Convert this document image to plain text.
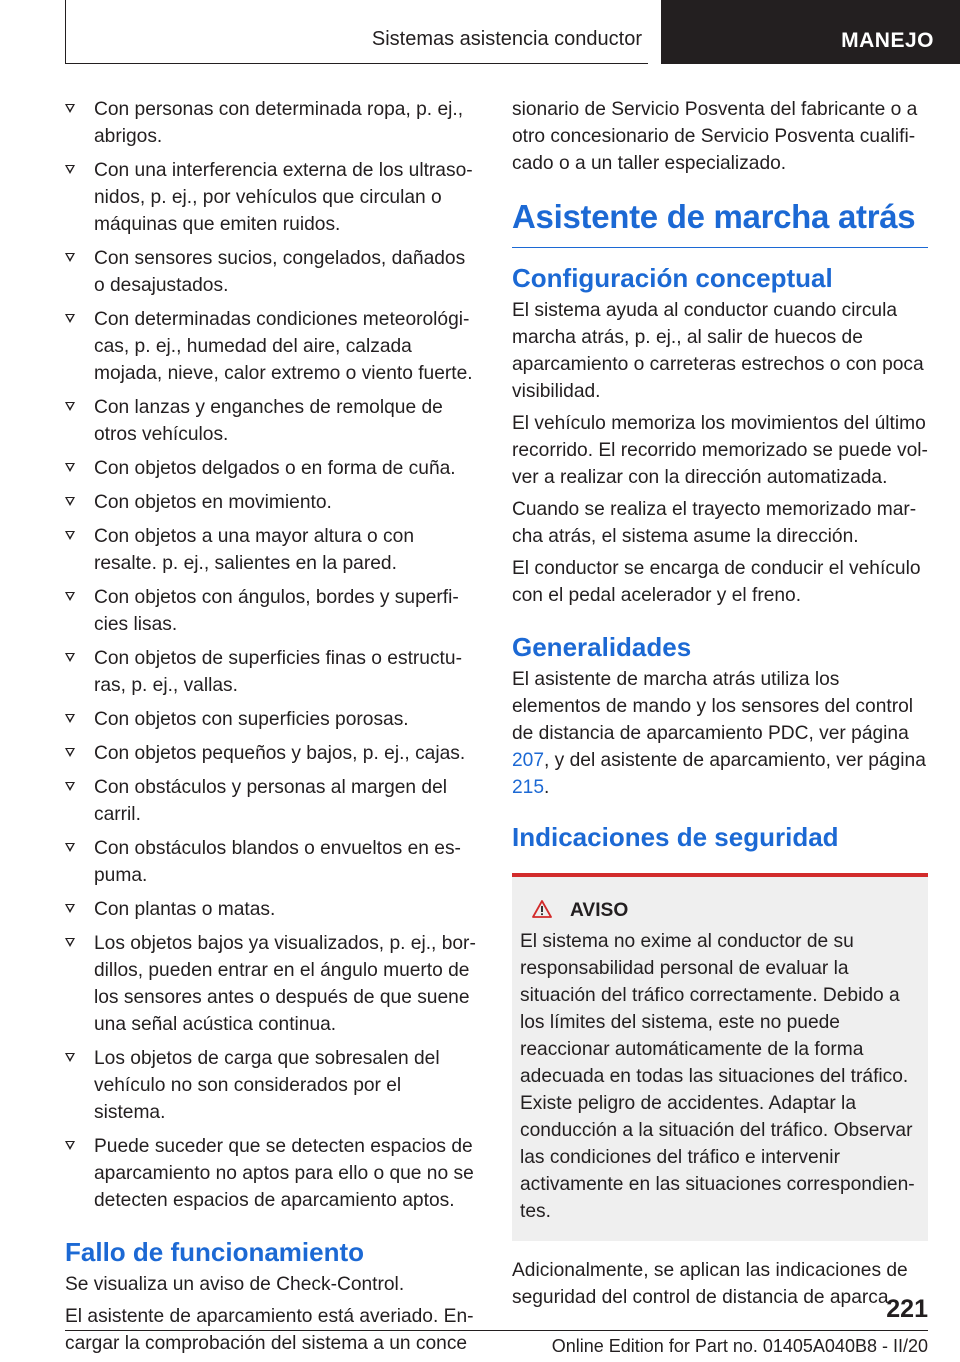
Sistemas asistencia conductor	MANEJO
Con personas con determinada ropa, p. ej., abrigos.
Con una interferencia externa de los ultrasonidos, p. ej., por vehículos que circulan o máquinas que emiten ruidos.
Con sensores sucios, congelados, dañados o desajustados.
Con determinadas condiciones meteorológicas, p. ej., humedad del aire, calzada mojada, nieve, calor extremo o viento fuerte.
Con lanzas y enganches de remolque de otros vehículos.
Con objetos delgados o en forma de cuña.
Con objetos en movimiento.
Con objetos a una mayor altura o con resalte. p. ej., salientes en la pared.
Con objetos con ángulos, bordes y superficies lisas.
Con objetos de superficies finas o estructuras, p. ej., vallas.
Con objetos con superficies porosas.
Con objetos pequeños y bajos, p. ej., cajas.
Con obstáculos y personas al margen del carril.
Con obstáculos blandos o envueltos en espuma.
Con plantas o matas.
Los objetos bajos ya visualizados, p. ej., bordillos, pueden entrar en el ángulo muerto de los sensores antes o después de que suene una señal acústica continua.
Los objetos de carga que sobresalen del vehículo no son considerados por el sistema.
Puede suceder que se detecten espacios de aparcamiento no aptos para ello o que no se detecten espacios de aparcamiento aptos.
Fallo de funcionamiento

Se visualiza un aviso de Check-Control.

El asistente de aparcamiento está averiado. Encargar la comprobación del sistema a un conce

sionario de Servicio Posventa del fabricante o a otro concesionario de Servicio Posventa cualificado o a un taller especializado.

Asistente de marcha atrás
Configuración conceptual

El sistema ayuda al conductor cuando circula marcha atrás, p. ej., al salir de huecos de aparcamiento o carreteras estrechos o con poca visibilidad.

El vehículo memoriza los movimientos del último recorrido. El recorrido memorizado se puede volver a realizar con la dirección automatizada.

Cuando se realiza el trayecto memorizado marcha atrás, el sistema asume la dirección.

El conductor se encarga de conducir el vehículo con el pedal acelerador y el freno.

Generalidades

El asistente de marcha atrás utiliza los elementos de mando y los sensores del control de distancia de aparcamiento PDC, ver página 207, y del asistente de aparcamiento, ver página 215.

Indicaciones de seguridad
AVISO

El sistema no exime al conductor de su responsabilidad personal de evaluar la situación del tráfico correctamente. Debido a los límites del sistema, este no puede reaccionar automáticamente de la forma adecuada en todas las situaciones del tráfico. Existe peligro de accidentes. Adaptar la conducción a la situación del tráfico. Observar las condiciones del tráfico e intervenir activamente en las situaciones correspondientes.

Adicionalmente, se aplican las indicaciones de seguridad del control de distancia de aparca

221
Online Edition for Part no. 01405A040B8 - II/20
